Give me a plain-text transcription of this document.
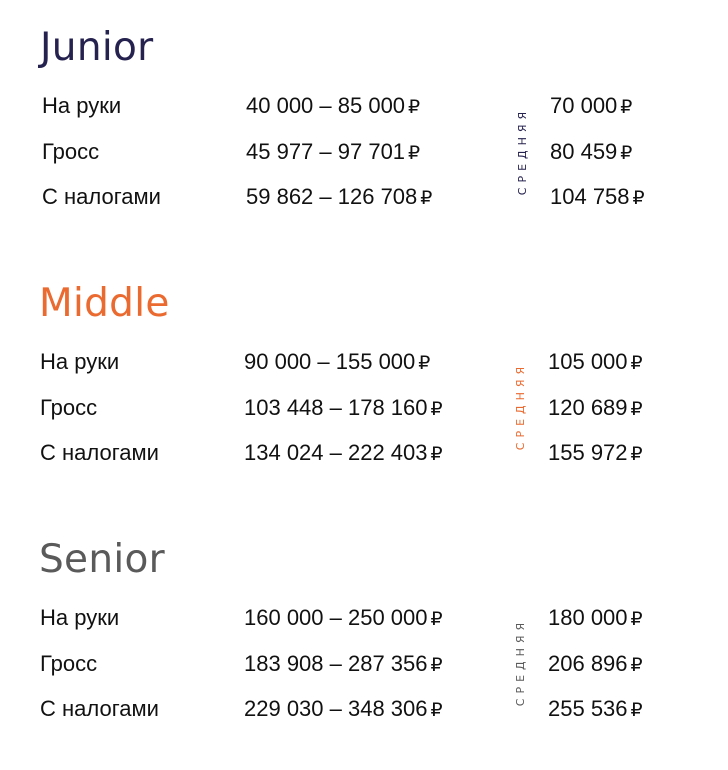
Junior
На руки	40 000 – 85 000 ₽	70 000 ₽
Гросс	45 977 – 97 701 ₽	80 459 ₽
С налогами	59 862 – 126 708 ₽	104 758 ₽
СРЕДНЯЯ
Middle
На руки	90 000 – 155 000 ₽	105 000 ₽
Гросс	103 448 – 178 160 ₽	120 689 ₽
С налогами	134 024 – 222 403 ₽	155 972 ₽
СРЕДНЯЯ
Senior
На руки	160 000 – 250 000 ₽	180 000 ₽
Гросс	183 908 – 287 356 ₽	206 896 ₽
С налогами	229 030 – 348 306 ₽	255 536 ₽
СРЕДНЯЯ
